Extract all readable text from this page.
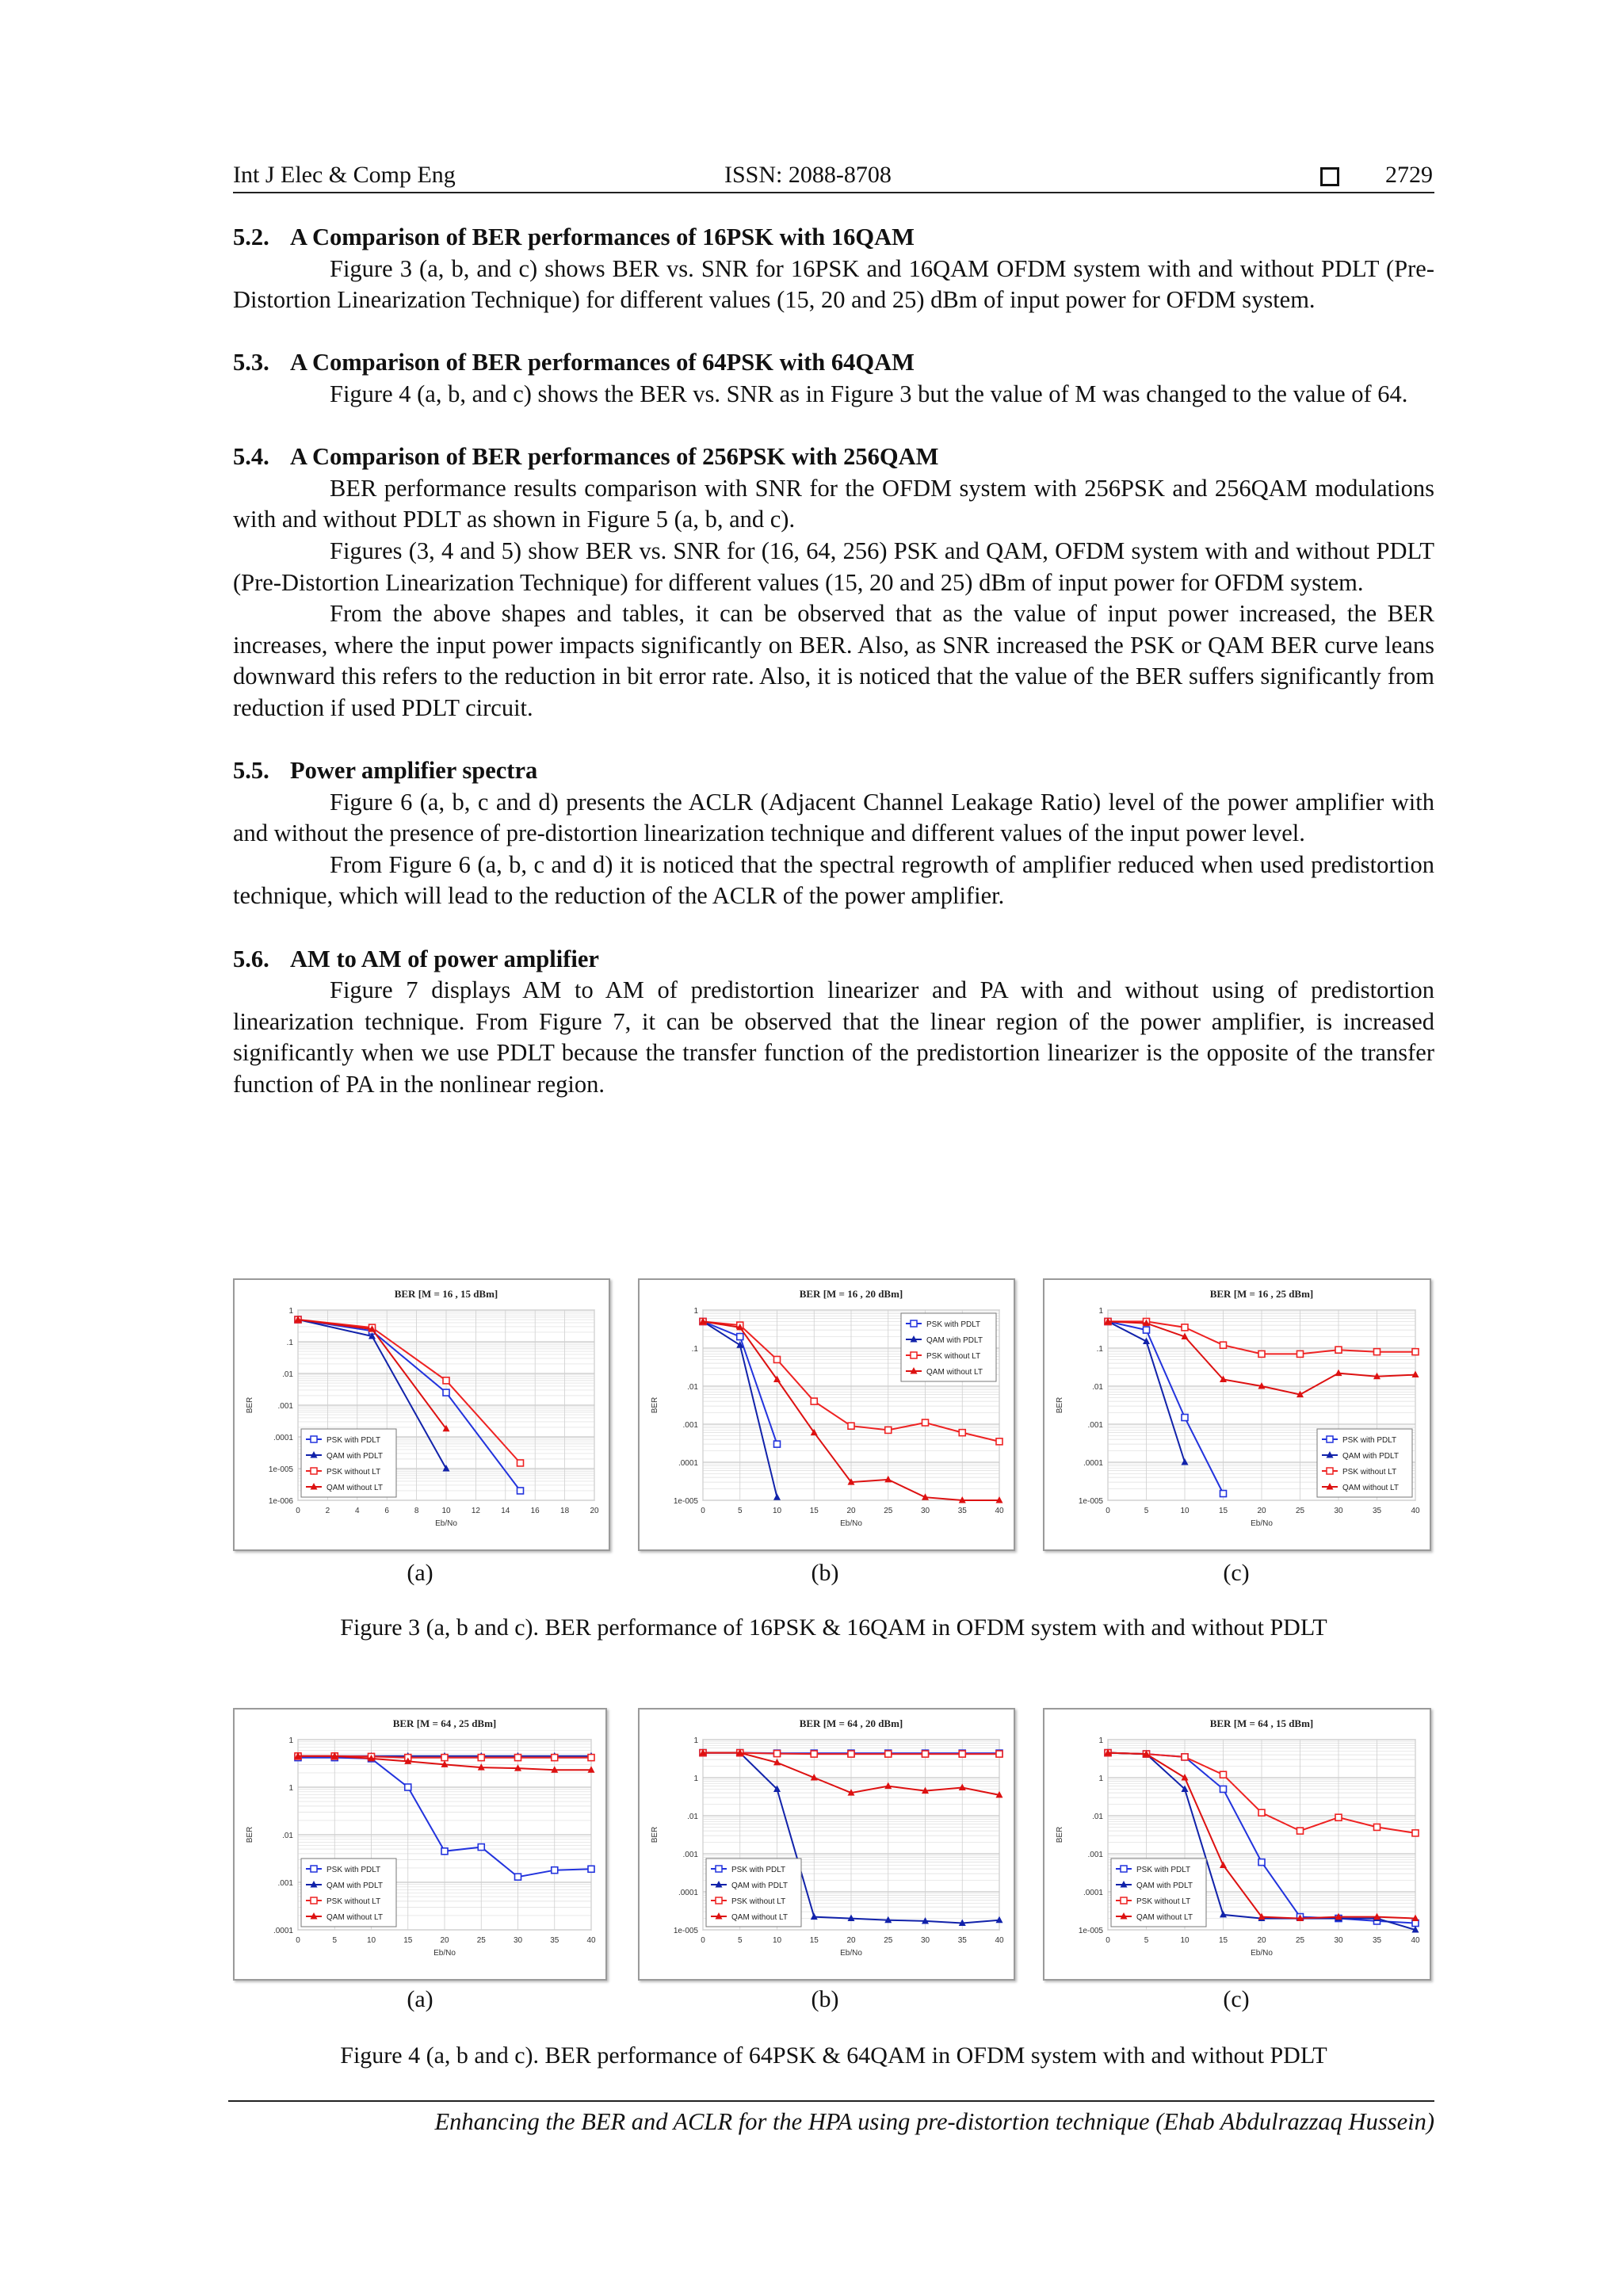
Int J Elec & Comp Eng	ISSN: 2088-8708	2729
5.2. A Comparison of BER performances of 16PSK with 16QAM

Figure 3 (a, b, and c) shows BER vs. SNR for 16PSK and 16QAM OFDM system with and without PDLT (Pre-Distortion Linearization Technique) for different values (15, 20 and 25) dBm of input power for OFDM system.

5.3. A Comparison of BER performances of 64PSK with 64QAM

Figure 4 (a, b, and c) shows the BER vs. SNR as in Figure 3 but the value of M was changed to the value of 64.

5.4. A Comparison of BER performances of 256PSK with 256QAM

BER performance results comparison with SNR for the OFDM system with 256PSK and 256QAM modulations with and without PDLT as shown in Figure 5 (a, b, and c).

Figures (3, 4 and 5) show BER vs. SNR for (16, 64, 256) PSK and QAM, OFDM system with and without PDLT (Pre-Distortion Linearization Technique) for different values (15, 20 and 25) dBm of input power for OFDM system.

From the above shapes and tables, it can be observed that as the value of input power increased, the BER increases, where the input power impacts significantly on BER. Also, as SNR increased the PSK or QAM BER curve leans downward this refers to the reduction in bit error rate. Also, it is noticed that the value of the BER suffers significantly from reduction if used PDLT circuit.

5.5. Power amplifier spectra

Figure 6 (a, b, c and d) presents the ACLR (Adjacent Channel Leakage Ratio) level of the power amplifier with and without the presence of pre-distortion linearization technique and different values of the input power level.

From Figure 6 (a, b, c and d) it is noticed that the spectral regrowth of amplifier reduced when used predistortion technique, which will lead to the reduction of the ACLR of the power amplifier.

5.6. AM to AM of power amplifier

Figure 7 displays AM to AM of predistortion linearizer and PA with and without using of predistortion linearization technique. From Figure 7, it can be observed that the linear region of the power amplifier, is increased significantly when we use PDLT because the transfer function of the predistortion linearizer is the opposite of the transfer function of PA in the nonlinear region.

BER [M = 16 , 15 dBm]
1
.1
.01
.001
.0001
1e-005
1e-006
0	2	4	6	8	10	12	14	16	18	20
Eb/No
BER
PSK with PDLT
QAM with PDLT
PSK without LT
QAM without LT
BER [M = 16 , 20 dBm]
1
.1
.01
.001
.0001
1e-005
0	5	10	15	20	25	30	35	40
Eb/No
BER
PSK with PDLT
QAM with PDLT
PSK without LT
QAM without LT
BER [M = 16 , 25 dBm]
1
.1
.01
.001
.0001
1e-005
0	5	10	15	20	25	30	35	40
Eb/No
BER
PSK with PDLT
QAM with PDLT
PSK without LT
QAM without LT
(a)	(b)	(c)
Figure 3 (a, b and c). BER performance of 16PSK & 16QAM in OFDM system with and without PDLT
BER [M = 64 , 25 dBm]
1
1
.01
.001
.0001
0	5	10	15	20	25	30	35	40
Eb/No
BER
PSK with PDLT
QAM with PDLT
PSK without LT
QAM without LT
BER [M = 64 , 20 dBm]
1
1
.01
.001
.0001
1e-005
0	5	10	15	20	25	30	35	40
Eb/No
BER
PSK with PDLT
QAM with PDLT
PSK without LT
QAM without LT
BER [M = 64 , 15 dBm]
1
1
.01
.001
.0001
1e-005
0	5	10	15	20	25	30	35	40
Eb/No
BER
PSK with PDLT
QAM with PDLT
PSK without LT
QAM without LT
(a)	(b)	(c)
Figure 4 (a, b and c). BER performance of 64PSK & 64QAM in OFDM system with and without PDLT
Enhancing the BER and ACLR for the HPA using pre-distortion technique (Ehab Abdulrazzaq Hussein)
